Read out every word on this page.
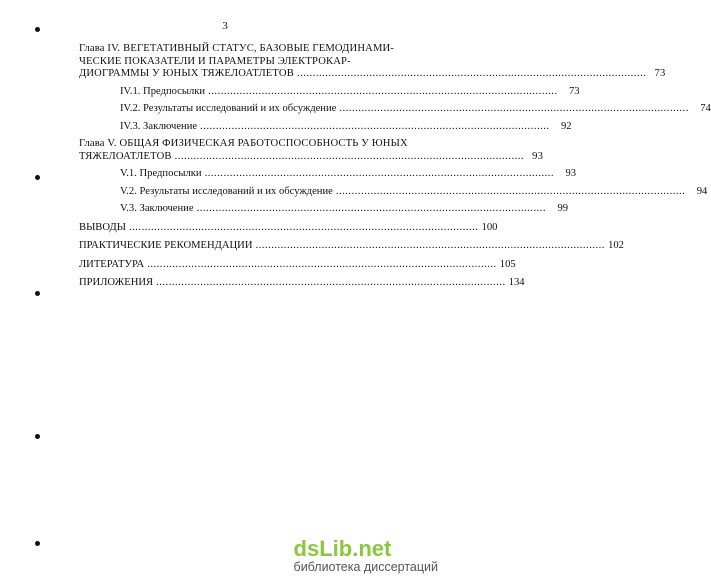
3
Глава IV. ВЕГЕТАТИВНЫЙ СТАТУС, БАЗОВЫЕ ГЕМОДИНАМИ-
ЧЕСКИЕ ПОКАЗАТЕЛИ И ПАРАМЕТРЫ ЭЛЕКТРОКАР-
ДИОГРАММЫ У ЮНЫХ ТЯЖЕЛОАТЛЕТОВ ............................................................................................................... 73
IV.1. Предпосылки ...............................................................................................................	73
IV.2. Результаты исследований и их обсуждение ...............................................................................................................	74
IV.3. Заключение ...............................................................................................................	92
Глава V. ОБЩАЯ ФИЗИЧЕСКАЯ РАБОТОСПОСОБНОСТЬ У ЮНЫХ
ТЯЖЕЛОАТЛЕТОВ ............................................................................................................... 93
V.1. Предпосылки ...............................................................................................................	93
V.2. Результаты исследований и их обсуждение ...............................................................................................................	94
V.3. Заключение ...............................................................................................................	99
ВЫВОДЫ ............................................................................................................... 100
ПРАКТИЧЕСКИЕ РЕКОМЕНДАЦИИ ............................................................................................................... 102
ЛИТЕРАТУРА ............................................................................................................... 105
ПРИЛОЖЕНИЯ ............................................................................................................... 134
dsLib.net
библиотека диссертаций
